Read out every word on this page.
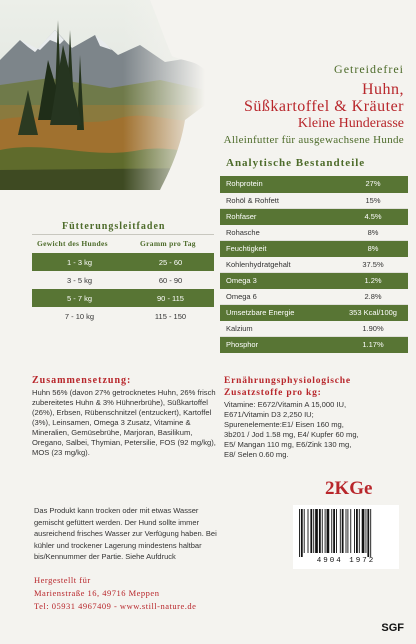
Getreidefrei
Huhn,
Süßkartoffel & Kräuter
Kleine Hunderasse
Alleinfutter für ausgewachsene Hunde
Analytische Bestandteile
Rohprotein	27%
Rohöl & Rohfett	15%
Rohfaser	4.5%
Rohasche	8%
Feuchtigkeit	8%
Kohlenhydratgehalt	37.5%
Omega 3	1.2%
Omega 6	2.8%
Umsetzbare Energie	353 Kcal/100g
Kalzium	1.90%
Phosphor	1.17%
Fütterungsleitfaden
Gewicht des Hundes	Gramm pro Tag
1 - 3 kg	25 - 60
3 - 5 kg	60 - 90
5 - 7 kg	90 - 115
7 - 10 kg	115 - 150
Zusammensetzung:
Huhn 56% (davon 27% getrocknetes Huhn, 26% frisch zubereitetes Huhn & 3% Hühnerbrühe), Süßkartoffel (26%), Erbsen, Rübenschnitzel (entzuckert), Kartoffel (3%), Leinsamen, Omega 3 Zusatz, Vitamine & Mineralien, Gemüsebrühe, Marjoran, Basilikum, Oregano, Salbei, Thymian, Petersilie, FOS (92 mg/kg), MOS (23 mg/kg).
Ernährungsphysiologische
Zusatzstoffe pro kg:
Vitamine: E672/Vitamin A 15,000 IU,
E671/Vitamin D3 2,250 IU;
Spurenelemente:E1/ Eisen 160 mg,
3b201 / Jod 1.58 mg, E4/ Kupfer 60 mg,
E5/ Mangan 110 mg, E6/Zink 130 mg,
E8/ Selen 0.60 mg.
2KGe
Das Produkt kann trocken oder mit etwas Wasser gemischt gefüttert werden. Der Hund sollte immer ausreichend frisches Wasser zur Verfügung haben. Bei kühler und trockener Lagerung mindestens haltbar bis/Kennummer der Partie. Siehe Aufdruck	4904 1972
Hergestellt für
Marienstraße 16, 49716 Meppen
Tel: 05931 4967409 - www.still-nature.de
SGF
